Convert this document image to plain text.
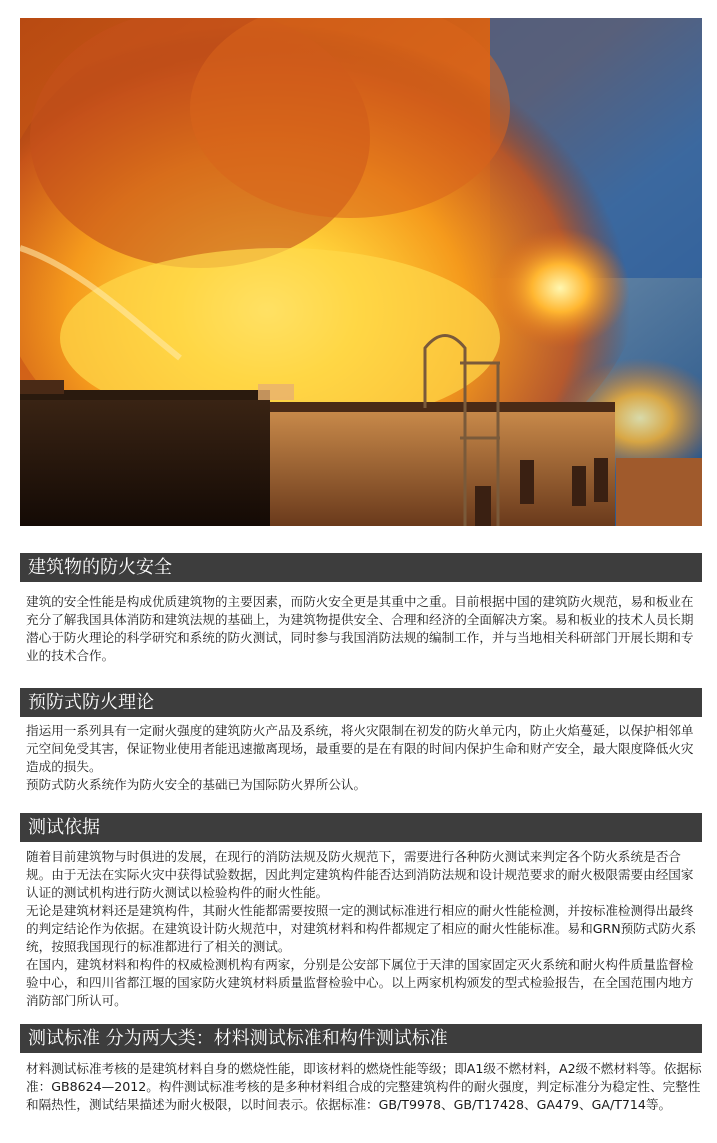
建筑物的防火安全

建筑的安全性能是构成优质建筑物的主要因素，而防火安全更是其重中之重。目前根据中国的建筑防火规范，易和板业在充分了解我国具体消防和建筑法规的基础上，为建筑物提供安全、合理和经济的全面解决方案。易和板业的技术人员长期潜心于防火理论的科学研究和系统的防火测试，同时参与我国消防法规的编制工作，并与当地相关科研部门开展长期和专业的技术合作。

预防式防火理论

指运用一系列具有一定耐火强度的建筑防火产品及系统，将火灾限制在初发的防火单元内，防止火焰蔓延，以保护相邻单元空间免受其害，保证物业使用者能迅速撤离现场，最重要的是在有限的时间内保护生命和财产安全，最大限度降低火灾造成的损失。

预防式防火系统作为防火安全的基础已为国际防火界所公认。

测试依据

随着目前建筑物与时俱进的发展，在现行的消防法规及防火规范下，需要进行各种防火测试来判定各个防火系统是否合规。由于无法在实际火灾中获得试验数据，因此判定建筑构件能否达到消防法规和设计规范要求的耐火极限需要由经国家认证的测试机构进行防火测试以检验构件的耐火性能。

无论是建筑材料还是建筑构件，其耐火性能都需要按照一定的测试标准进行相应的耐火性能检测，并按标准检测得出最终的判定结论作为依据。在建筑设计防火规范中，对建筑材料和构件都规定了相应的耐火性能标准。易和GRN预防式防火系统，按照我国现行的标准都进行了相关的测试。

在国内，建筑材料和构件的权威检测机构有两家，分别是公安部下属位于天津的国家固定灭火系统和耐火构件质量监督检验中心，和四川省都江堰的国家防火建筑材料质量监督检验中心。以上两家机构颁发的型式检验报告，在全国范围内地方消防部门所认可。

测试标准 分为两大类：材料测试标准和构件测试标准

材料测试标准考核的是建筑材料自身的燃烧性能，即该材料的燃烧性能等级；即A1级不燃材料，A2级不燃材料等。依据标准：GB8624—2012。构件测试标准考核的是多种材料组合成的完整建筑构件的耐火强度，判定标准分为稳定性、完整性和隔热性，测试结果描述为耐火极限，以时间表示。依据标准：GB/T9978、GB/T17428、GA479、GA/T714等。
